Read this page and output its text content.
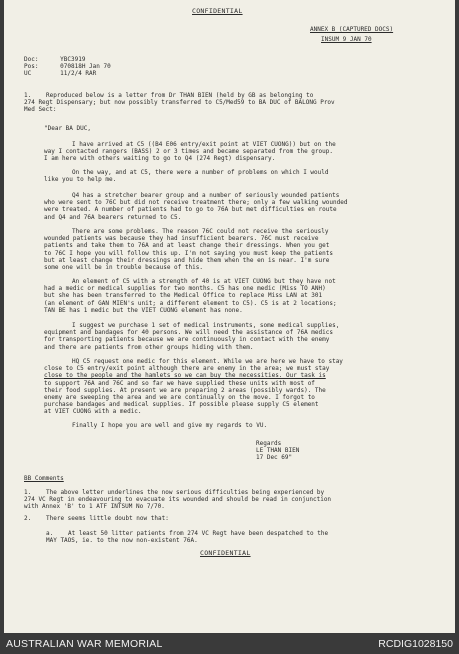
CONFIDENTIAL
ANNEX B (CAPTURED DOCS)
INSUM 9 JAN 70
Doc:	YBC3919
Pos:	070818H Jan 70
UC	11/2/4 RAR

1. Reproduced below is a letter from Dr THAN BIEN (held by GB as belonging to

274 Regt Dispensary; but now possibly transferred to C5/Med59 to BA DUC of BALONG Prov

Med Sect:

"Dear BA DUC,

I have arrived at C5 ((B4 E06 entry/exit point at VIET CUONG)) but on the

way I contacted rangers (BASS) 2 or 3 times and became separated from the group.

I am here with others waiting to go to Q4 (274 Regt) dispensary.

On the way, and at C5, there were a number of problems on which I would

like you to help me.

Q4 has a stretcher bearer group and a number of seriously wounded patients

who were sent to 76C but did not receive treatment there; only a few walking wounded

were treated. A number of patients had to go to 76A but met difficulties en route

and Q4 and 76A bearers returned to C5.

There are some problems. The reason 76C could not receive the seriously

wounded patients was because they had insufficient bearers. 76C must receive

patients and take them to 76A and at least change their dressings. When you get

to 76C I hope you will follow this up. I'm not saying you must keep the patients

but at least change their dressings and hide them when the en is near. I'm sure

some one will be in trouble because of this.

An element of C5 with a strength of 40 is at VIET CUONG but they have not

had a medic or medical supplies for two months. C5 has one medic (Miss TO ANH)

but she has been transferred to the Medical Office to replace Miss LAN at 301

(an element of GAN MIEN's unit; a different element to C5). C5 is at 2 locations;

TAN BE has 1 medic but the VIET CUONG element has none.

I suggest we purchase 1 set of medical instruments, some medical supplies,

equipment and bandages for 40 persons. We will need the assistance of 76A medics

for transporting patients because we are continuously in contact with the enemy

and there are patients from other groups hiding with them.

HQ C5 request one medic for this element. While we are here we have to stay

close to C5 entry/exit point although there are enemy in the area; we must stay

close to the people and the hamlets so we can buy the necessities. Our task is

to support 76A and 76C and so far we have supplied these units with most of

their food supplies. At present we are preparing 2 areas (possibly wards). The

enemy are sweeping the area and we are continually on the move. I forgot to

purchase bandages and medical supplies. If possible please supply C5 element

at VIET CUONG with a medic.

Finally I hope you are well and give my regards to VU.

Regards

LE THAN BIEN

17 Dec 69"

BB Comments

1. The above letter underlines the now serious difficulties being experienced by

274 VC Regt in endeavouring to evacuate its wounded and should be read in conjunction

with Annex 'B' to 1 ATF INTSUM No 7/70.

2. There seems little doubt now that:

a. At least 50 litter patients from 274 VC Regt have been despatched to the

MAY TAOS, ie. to the now non-existent 76A.

CONFIDENTIAL
AUSTRALIAN WAR MEMORIAL	RCDIG1028150
